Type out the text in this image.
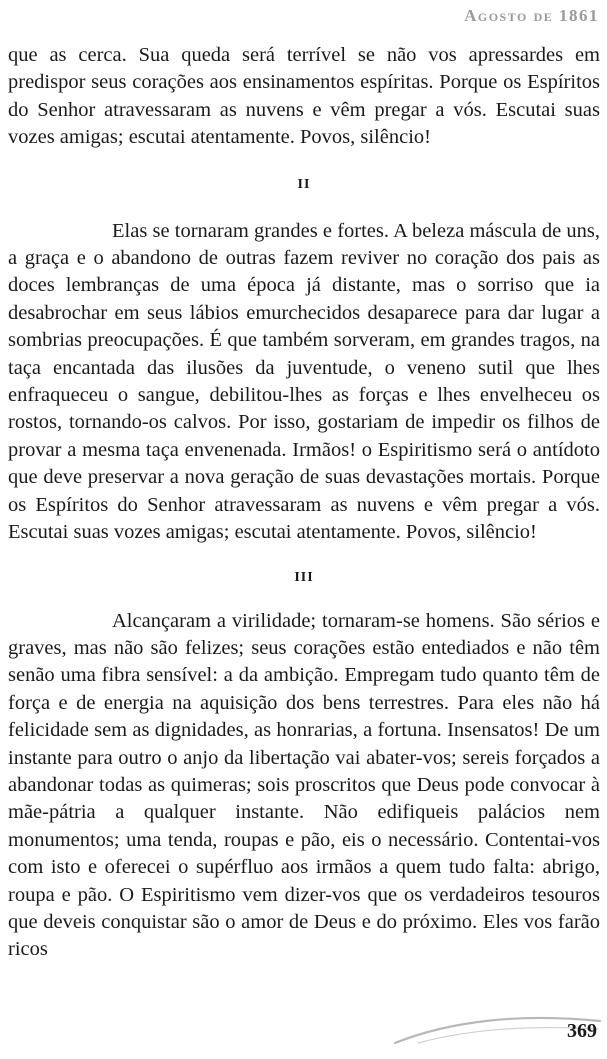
Agosto de 1861

que as cerca. Sua queda será terrível se não vos apressardes em predispor seus corações aos ensinamentos espíritas. Porque os Espíritos do Senhor atravessaram as nuvens e vêm pregar a vós. Escutai suas vozes amigas; escutai atentamente. Povos, silêncio!

II

Elas se tornaram grandes e fortes. A beleza máscula de uns, a graça e o abandono de outras fazem reviver no coração dos pais as doces lembranças de uma época já distante, mas o sorriso que ia desabrochar em seus lábios emurchecidos desaparece para dar lugar a sombrias preocupações. É que também sorveram, em grandes tragos, na taça encantada das ilusões da juventude, o veneno sutil que lhes enfraqueceu o sangue, debilitou-lhes as forças e lhes envelheceu os rostos, tornando-os calvos. Por isso, gostariam de impedir os filhos de provar a mesma taça envenenada. Irmãos! o Espiritismo será o antídoto que deve preservar a nova geração de suas devastações mortais. Porque os Espíritos do Senhor atravessaram as nuvens e vêm pregar a vós. Escutai suas vozes amigas; escutai atentamente. Povos, silêncio!

III

Alcançaram a virilidade; tornaram-se homens. São sérios e graves, mas não são felizes; seus corações estão entediados e não têm senão uma fibra sensível: a da ambição. Empregam tudo quanto têm de força e de energia na aquisição dos bens terrestres. Para eles não há felicidade sem as dignidades, as honrarias, a fortuna. Insensatos! De um instante para outro o anjo da libertação vai abater-vos; sereis forçados a abandonar todas as quimeras; sois proscritos que Deus pode convocar à mãe-pátria a qualquer instante. Não edifiqueis palácios nem monumentos; uma tenda, roupas e pão, eis o necessário. Contentai-vos com isto e oferecei o supérfluo aos irmãos a quem tudo falta: abrigo, roupa e pão. O Espiritismo vem dizer-vos que os verdadeiros tesouros que deveis conquistar são o amor de Deus e do próximo. Eles vos farão ricos

369
